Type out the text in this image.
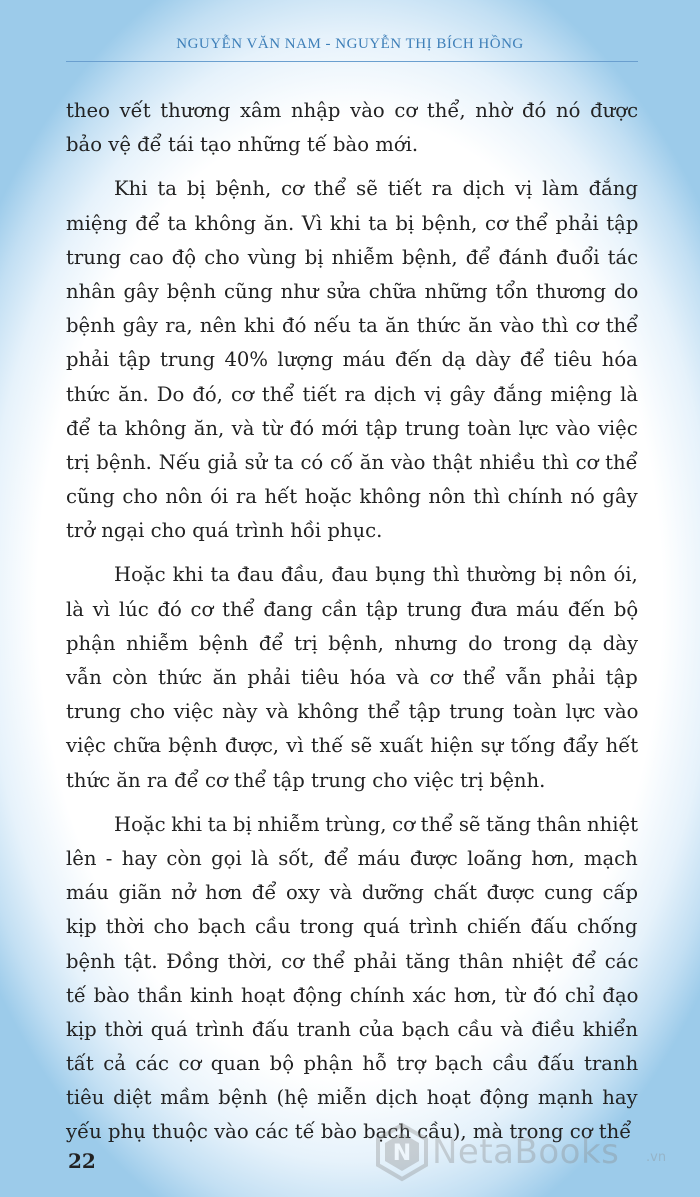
NGUYỄN VĂN NAM - NGUYỄN THỊ BÍCH HỒNG
theo vết thương xâm nhập vào cơ thể, nhờ đó nó được
bảo vệ để tái tạo những tế bào mới.
Khi ta bị bệnh, cơ thể sẽ tiết ra dịch vị làm đắng
miệng để ta không ăn. Vì khi ta bị bệnh, cơ thể phải tập
trung cao độ cho vùng bị nhiễm bệnh, để đánh đuổi tác
nhân gây bệnh cũng như sửa chữa những tổn thương do
bệnh gây ra, nên khi đó nếu ta ăn thức ăn vào thì cơ thể
phải tập trung 40% lượng máu đến dạ dày để tiêu hóa
thức ăn. Do đó, cơ thể tiết ra dịch vị gây đắng miệng là
để ta không ăn, và từ đó mới tập trung toàn lực vào việc
trị bệnh. Nếu giả sử ta có cố ăn vào thật nhiều thì cơ thể
cũng cho nôn ói ra hết hoặc không nôn thì chính nó gây
trở ngại cho quá trình hồi phục.
Hoặc khi ta đau đầu, đau bụng thì thường bị nôn ói,
là vì lúc đó cơ thể đang cần tập trung đưa máu đến bộ
phận nhiễm bệnh để trị bệnh, nhưng do trong dạ dày
vẫn còn thức ăn phải tiêu hóa và cơ thể vẫn phải tập
trung cho việc này và không thể tập trung toàn lực vào
việc chữa bệnh được, vì thế sẽ xuất hiện sự tống đẩy hết
thức ăn ra để cơ thể tập trung cho việc trị bệnh.
Hoặc khi ta bị nhiễm trùng, cơ thể sẽ tăng thân nhiệt
lên - hay còn gọi là sốt, để máu được loãng hơn, mạch
máu giãn nở hơn để oxy và dưỡng chất được cung cấp
kịp thời cho bạch cầu trong quá trình chiến đấu chống
bệnh tật. Đồng thời, cơ thể phải tăng thân nhiệt để các
tế bào thần kinh hoạt động chính xác hơn, từ đó chỉ đạo
kịp thời quá trình đấu tranh của bạch cầu và điều khiển
tất cả các cơ quan bộ phận hỗ trợ bạch cầu đấu tranh
tiêu diệt mầm bệnh (hệ miễn dịch hoạt động mạnh hay
yếu phụ thuộc vào các tế bào bạch cầu), mà trong cơ thể
22	N NetaBooks .vn
